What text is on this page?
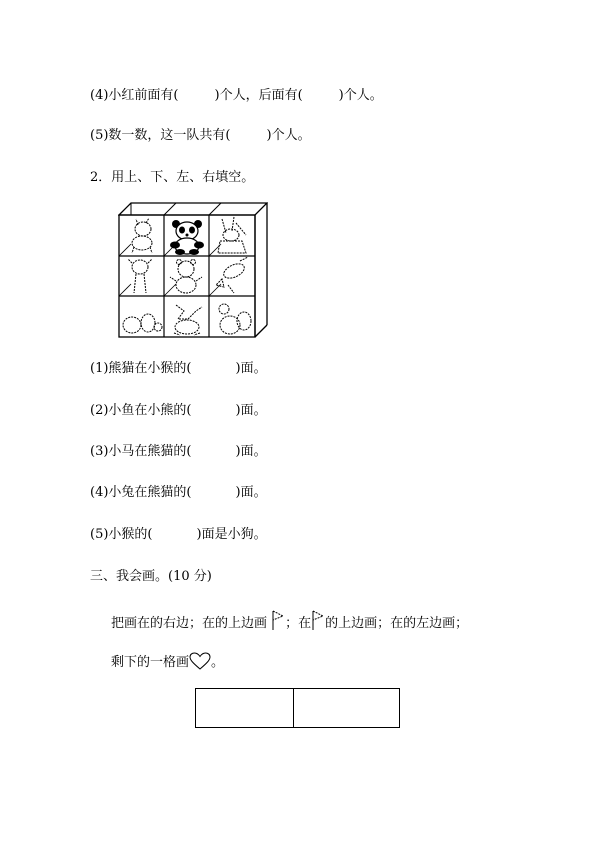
(4)小红前面有(	)个人，后面有(	)个人。
(5)数一数，这一队共有(	)个人。
2．用上、下、左、右填空。
(1)熊猫在小猴的(	)面。
(2)小鱼在小熊的(	)面。
(3)小马在熊猫的(	)面。
(4)小兔在熊猫的(	)面。
(5)小猴的(	)面是小狗。
三、我会画。(10 分)
把画在的右边；在的上边画 ；在 的上边画；在的左边画；
剩下的一格画 。
